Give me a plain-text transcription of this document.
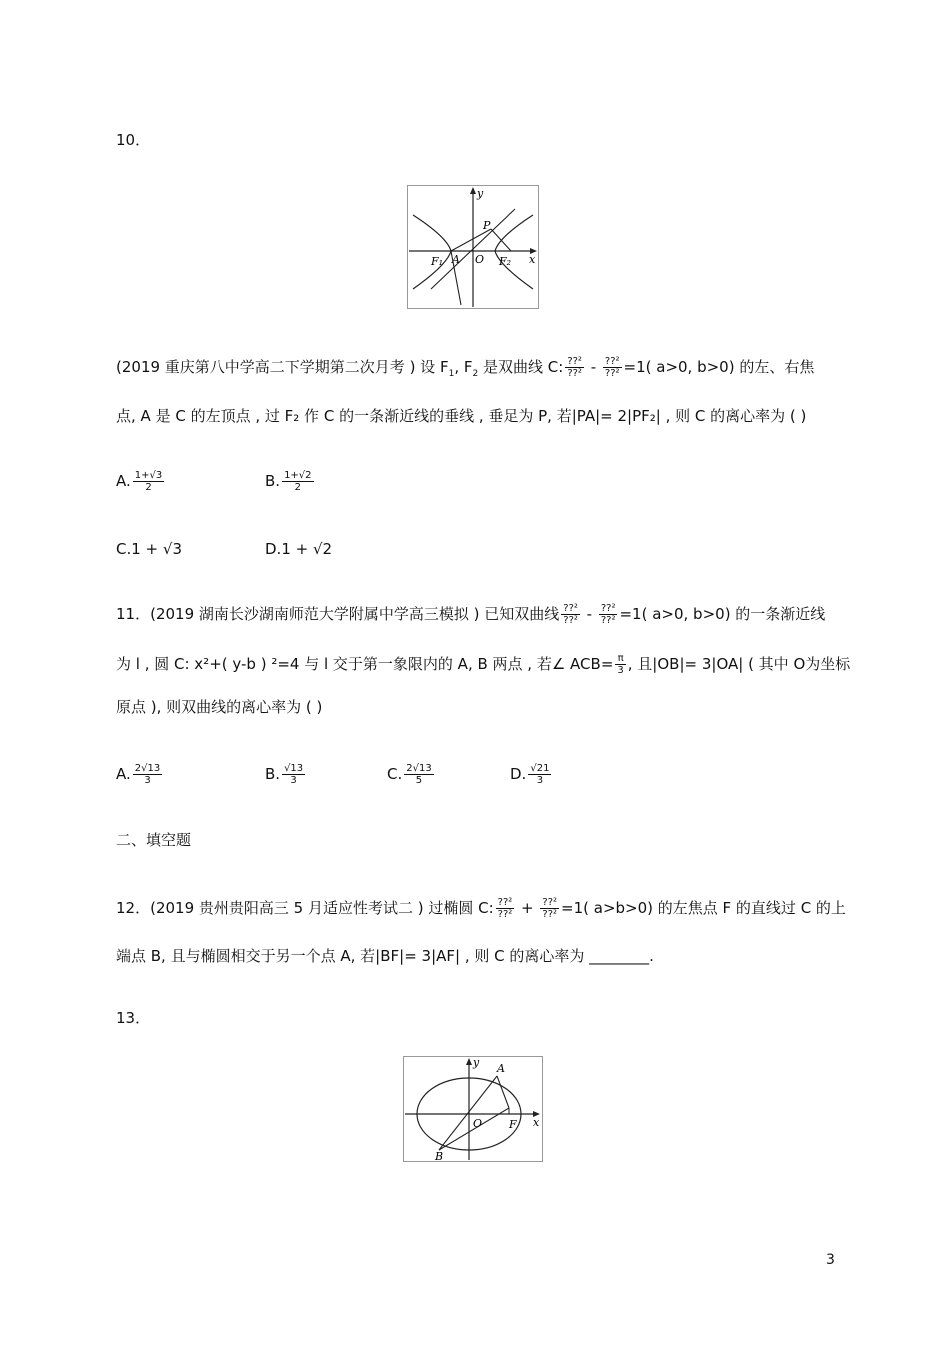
10．
y
x
P
F₁ A O F₂
(2019 重庆第八中学高二下学期第二次月考 ) 设 $F_1$, $F_2$ 是双曲线 C: $\frac{\text{??²}}{\text{??²}} - \frac{\text{??²}}{\text{??²}} =1$( a>0, b>0) 的左、右焦
点, A 是 C 的左顶点 , 过 F₂ 作 C 的一条渐近线的垂线 , 垂足为 P, 若|PA|= 2|PF₂| , 则 C 的离心率为 ( )
A. $\frac{1+√3}{2}$	B. $\frac{1+√2}{2}$
C.1 + √3	D.1 + √2
11．(2019 湖南长沙湖南师范大学附属中学高三模拟 ) 已知双曲线 $\frac{\text{??²}}{\text{??²}} - \frac{\text{??²}}{\text{??²}} =1$( a>0, b>0) 的一条渐近线
为 l , 圆 C: x²+( y-b ) ²=4 与 l 交于第一象限内的 A, B 两点 , 若∠ $ACB= \frac{\pi}{3}$ , 且|OB|= 3|OA| ( 其中 O为坐标
原点 ), 则双曲线的离心率为 ( )
A. $\frac{2√13}{3}$	B. $\frac{√13}{3}$	C. $\frac{2√13}{5}$	D. $\frac{√21}{3}$
二、填空题
12．(2019 贵州贵阳高三 5 月适应性考试二 ) 过椭圆 C: $\frac{\text{??²}}{\text{??²}} + \frac{\text{??²}}{\text{??²}} =1$( a>b>0) 的左焦点 F 的直线过 C 的上
端点 B, 且与椭圆相交于另一个点 A, 若|BF|= 3|AF| , 则 C 的离心率为 ________.
13．
y
x
A
O F
B
3
